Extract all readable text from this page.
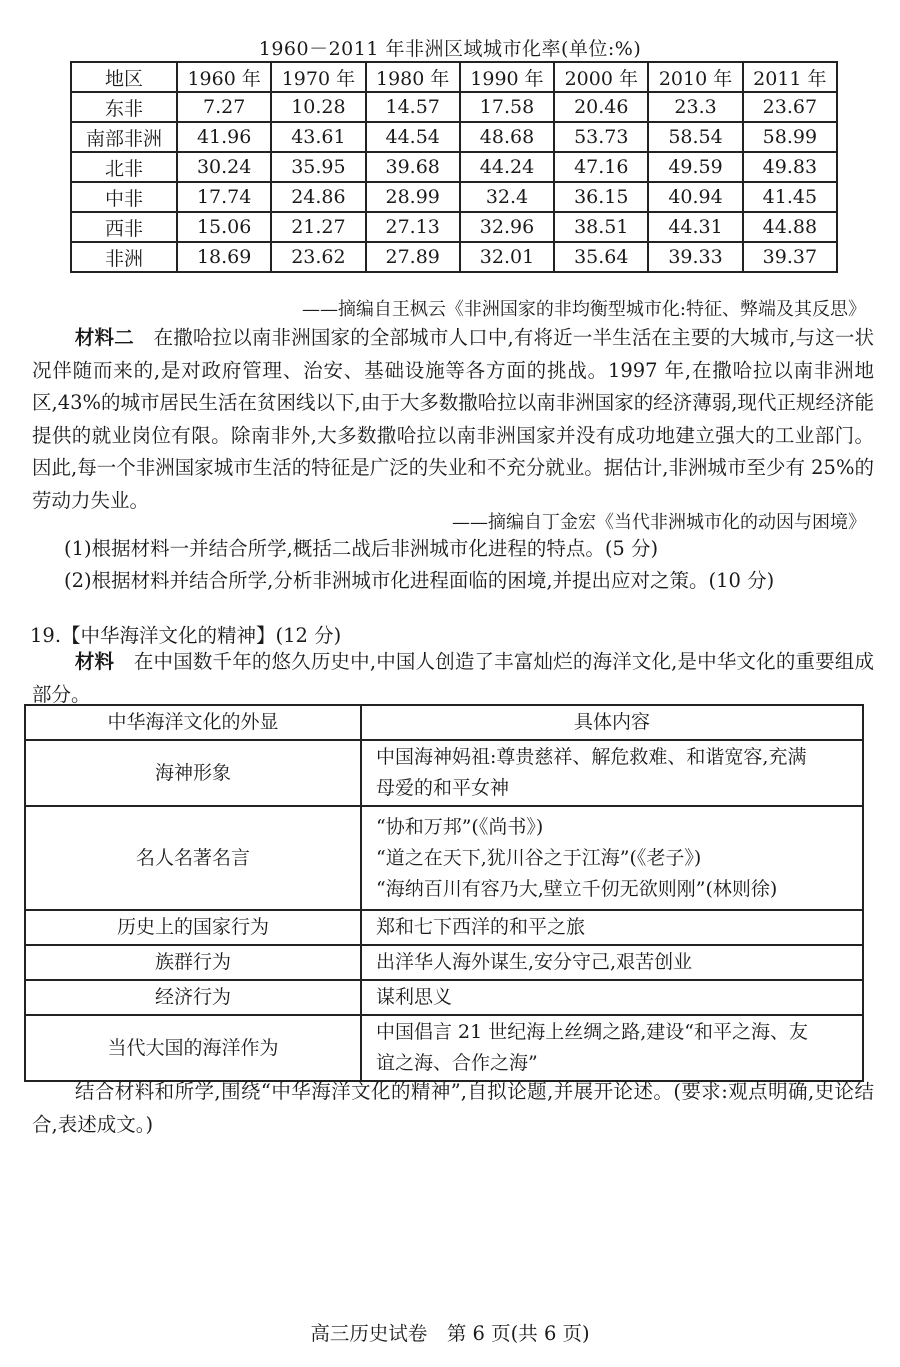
1960－2011 年非洲区域城市化率(单位:%)
地区	1960 年	1970 年	1980 年	1990 年	2000 年	2010 年	2011 年
东非	7.27	10.28	14.57	17.58	20.46	23.3	23.67
南部非洲	41.96	43.61	44.54	48.68	53.73	58.54	58.99
北非	30.24	35.95	39.68	44.24	47.16	49.59	49.83
中非	17.74	24.86	28.99	32.4	36.15	40.94	41.45
西非	15.06	21.27	27.13	32.96	38.51	44.31	44.88
非洲	18.69	23.62	27.89	32.01	35.64	39.33	39.37
——摘编自王枫云《非洲国家的非均衡型城市化:特征、弊端及其反思》
材料二　 在撒哈拉以南非洲国家的全部城市人口中,有将近一半生活在主要的大城市,与这一状况伴随而来的,是对政府管理、治安、基础设施等各方面的挑战。1997 年,在撒哈拉以南非洲地区,43%的城市居民生活在贫困线以下,由于大多数撒哈拉以南非洲国家的经济薄弱,现代正规经济能提供的就业岗位有限。除南非外,大多数撒哈拉以南非洲国家并没有成功地建立强大的工业部门。因此,每一个非洲国家城市生活的特征是广泛的失业和不充分就业。据估计,非洲城市至少有 25%的劳动力失业。
——摘编自丁金宏《当代非洲城市化的动因与困境》
(1)根据材料一并结合所学,概括二战后非洲城市化进程的特点。(5 分)
(2)根据材料并结合所学,分析非洲城市化进程面临的困境,并提出应对之策。(10 分)
19.【中华海洋文化的精神】(12 分)
材料　 在中国数千年的悠久历史中,中国人创造了丰富灿烂的海洋文化,是中华文化的重要组成部分。
中华海洋文化的外显	具体内容
海神形象	中国海神妈祖:尊贵慈祥、解危救难、和谐宽容,充满
母爱的和平女神

名人名著名言	“协和万邦”(《尚书》)
“道之在天下,犹川谷之于江海”(《老子》)
“海纳百川有容乃大,壁立千仞无欲则刚”(林则徐)

历史上的国家行为	郑和七下西洋的和平之旅

族群行为	出洋华人海外谋生,安分守己,艰苦创业

经济行为	谋利思义

当代大国的海洋作为	中国倡言 21 世纪海上丝绸之路,建设“和平之海、友
谊之海、合作之海”
结合材料和所学,围绕“中华海洋文化的精神”,自拟论题,并展开论述。(要求:观点明确,史论结合,表述成文。)
高三历史试卷　第 6 页(共 6 页)
